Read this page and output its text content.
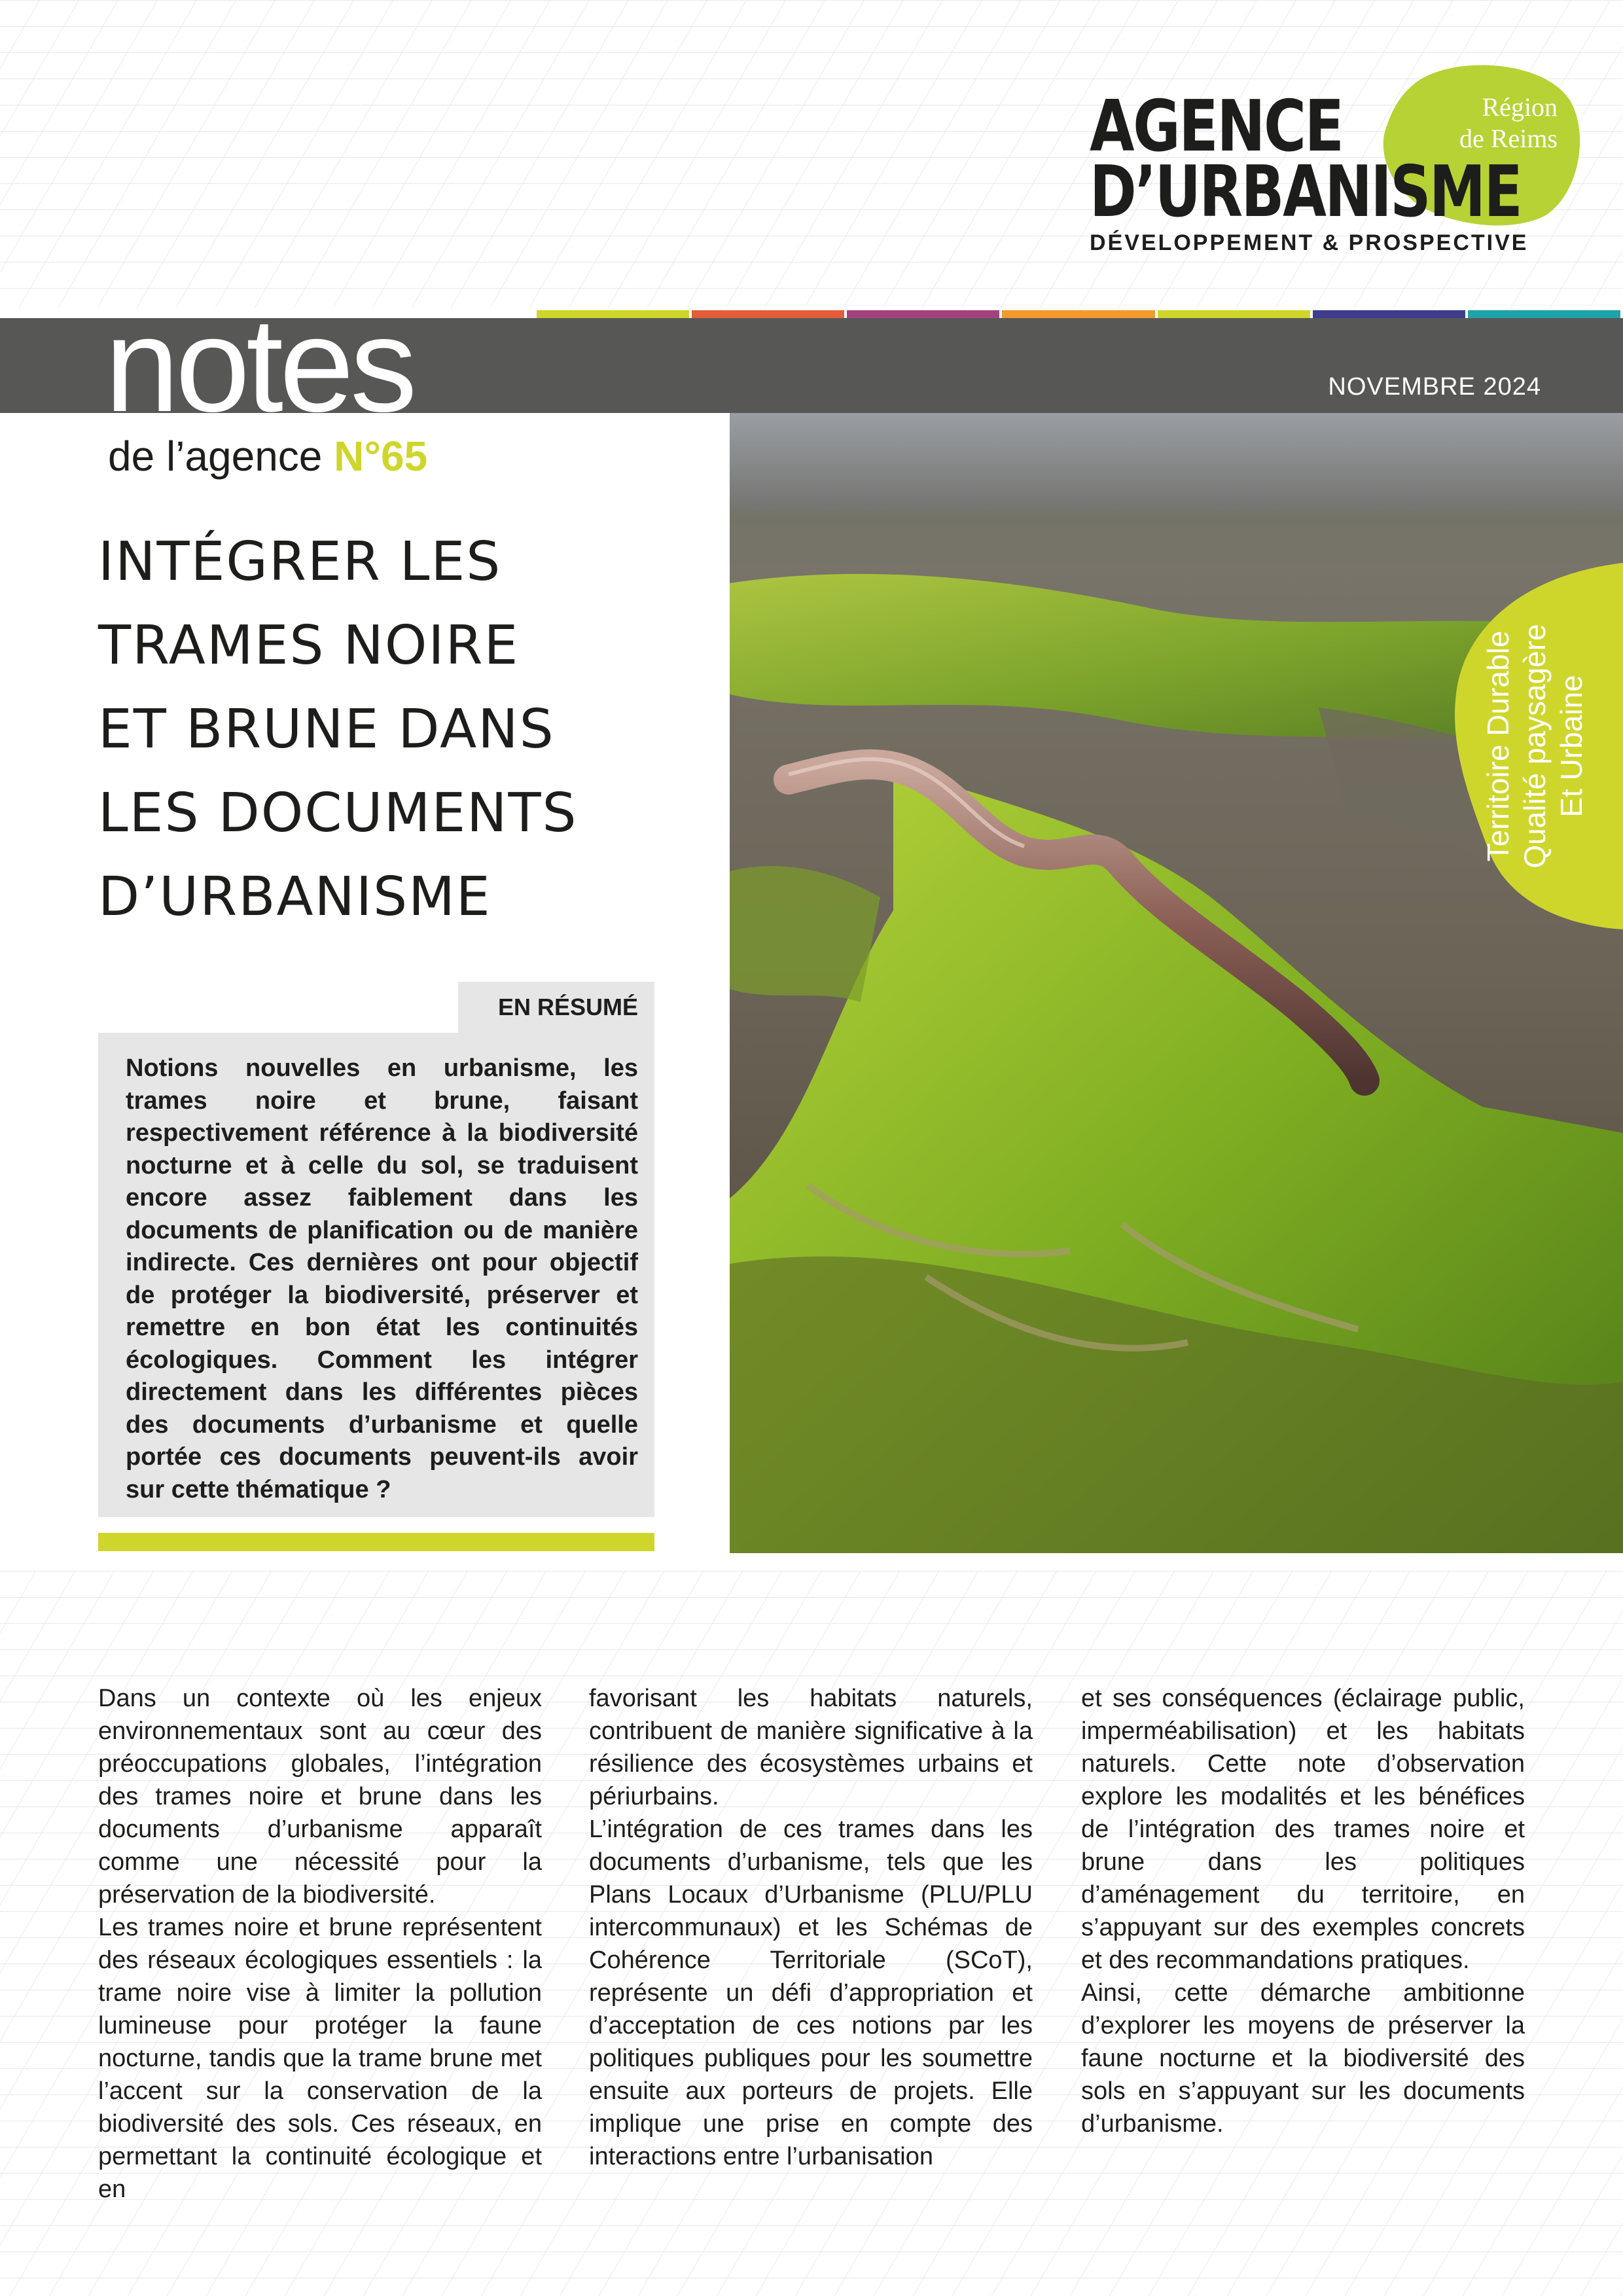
AGENCE
D’URBANISME
DÉVELOPPEMENT & PROSPECTIVE
Région
de Reims
notes	NOVEMBRE 2024
de l’agence N°65
INTÉGRER LES
TRAMES NOIRE
ET BRUNE DANS
LES DOCUMENTS
D’URBANISME
EN RÉSUMÉ
Notions nouvelles en urbanisme, les trames noire et brune, faisant respectivement référence à la biodiversité nocturne et à celle du sol, se traduisent encore assez faiblement dans les documents de planification ou de manière indirecte. Ces dernières ont pour objectif de protéger la biodiversité, préserver et remettre en bon état les continuités écologiques. Comment les intégrer directement dans les différentes pièces des documents d’urbanisme et quelle portée ces documents peuvent-ils avoir sur cette thématique ?
Territoire Durable Qualité paysagère Et Urbaine

Dans un contexte où les enjeux environnementaux sont au cœur des préoccupations globales, l’intégration des trames noire et brune dans les documents d’urbanisme apparaît comme une nécessité pour la préservation de la biodiversité.

Les trames noire et brune représentent des réseaux écologiques essentiels : la trame noire vise à limiter la pollution lumineuse pour protéger la faune nocturne, tandis que la trame brune met l’accent sur la conservation de la biodiversité des sols. Ces réseaux, en permettant la continuité écologique et en

favorisant les habitats naturels, contribuent de manière significative à la résilience des écosystèmes urbains et périurbains.

L’intégration de ces trames dans les documents d’urbanisme, tels que les Plans Locaux d’Urbanisme (PLU/PLU intercommunaux) et les Schémas de Cohérence Territoriale (SCoT), représente un défi d’appropriation et d’acceptation de ces notions par les politiques publiques pour les soumettre ensuite aux porteurs de projets. Elle implique une prise en compte des interactions entre l’urbanisation

et ses conséquences (éclairage public, imperméabilisation) et les habitats naturels. Cette note d’observation explore les modalités et les bénéfices de l’intégration des trames noire et brune dans les politiques d’aménagement du territoire, en s’appuyant sur des exemples concrets et des recommandations pratiques.

Ainsi, cette démarche ambitionne d’explorer les moyens de préserver la faune nocturne et la biodiversité des sols en s’appuyant sur les documents d’urbanisme.
